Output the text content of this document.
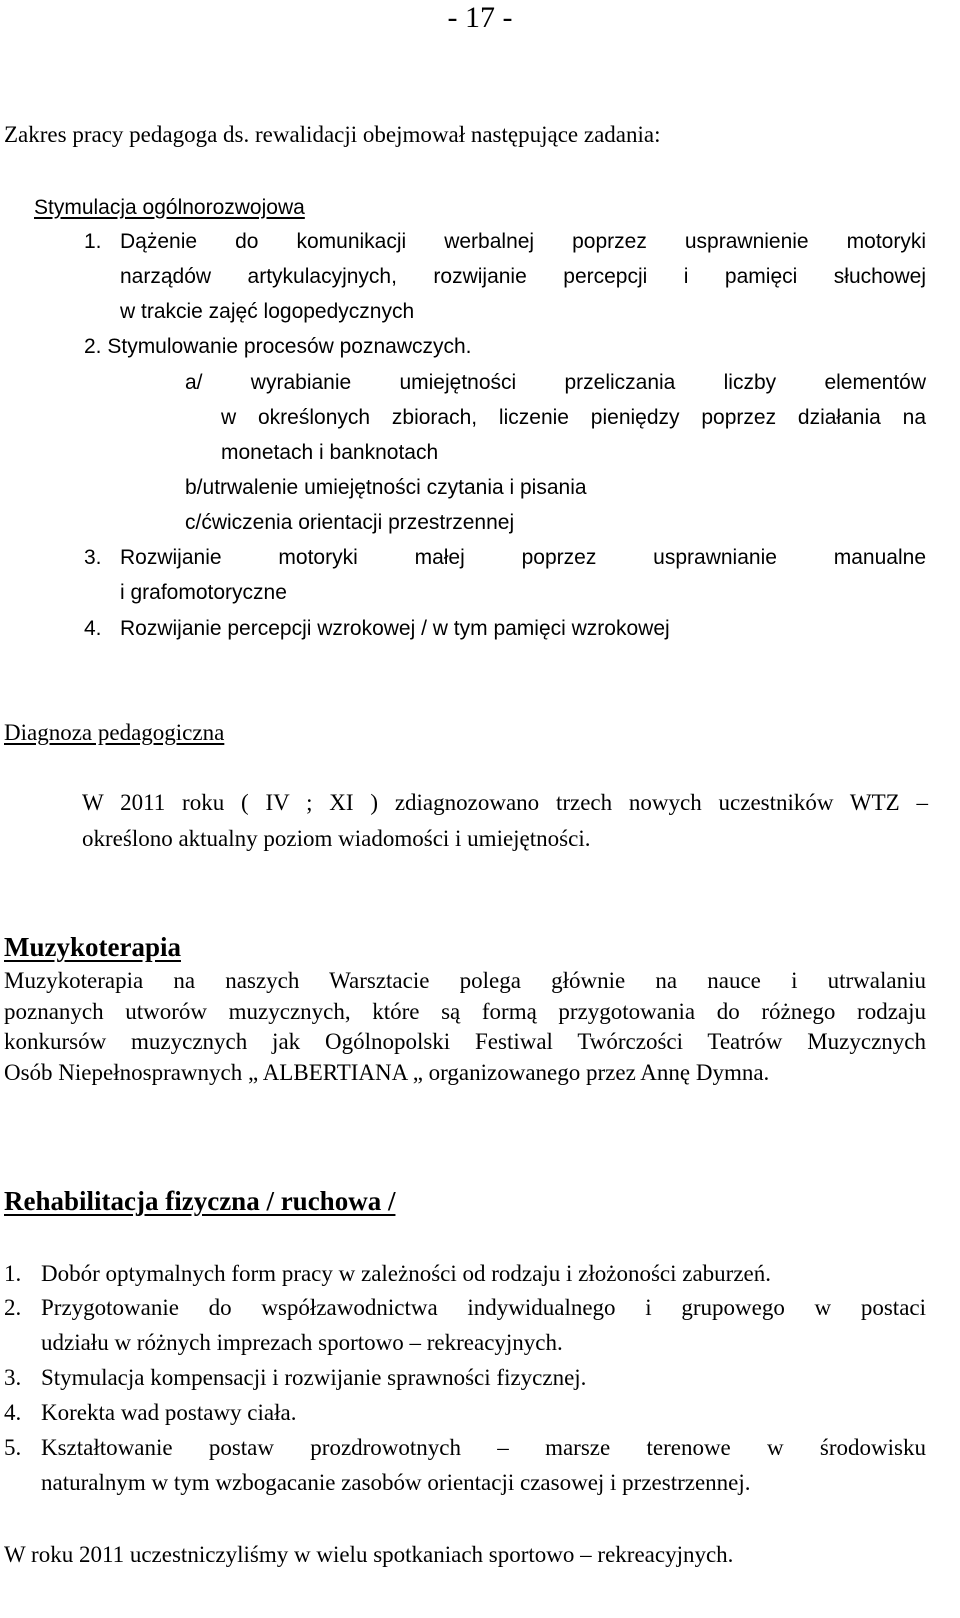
- 17 -
Zakres pracy pedagoga ds. rewalidacji obejmował następujące zadania:
Stymulacja ogólnorozwojowa
1. Dążenie do komunikacji werbalnej poprzez usprawnienie motoryki
narządów artykulacyjnych, rozwijanie percepcji i pamięci słuchowej
w trakcie zajęć logopedycznych
2. Stymulowanie procesów poznawczych.
a/ wyrabianie umiejętności przeliczania liczby elementów
w określonych zbiorach, liczenie pieniędzy poprzez działania na
monetach i banknotach
b/utrwalenie umiejętności czytania i pisania
c/ćwiczenia orientacji przestrzennej
3. Rozwijanie motoryki małej poprzez usprawnianie manualne
i grafomotoryczne
4. Rozwijanie percepcji wzrokowej / w tym pamięci wzrokowej
Diagnoza pedagogiczna
W 2011 roku ( IV ; XI ) zdiagnozowano trzech nowych uczestników WTZ –
określono aktualny poziom wiadomości i umiejętności.
Muzykoterapia
Muzykoterapia na naszych Warsztacie polega głównie na nauce i utrwalaniu
poznanych utworów muzycznych, które są formą przygotowania do różnego rodzaju
konkursów muzycznych jak Ogólnopolski Festiwal Twórczości Teatrów Muzycznych
Osób Niepełnosprawnych „ ALBERTIANA „ organizowanego przez Annę Dymna.
Rehabilitacja fizyczna / ruchowa /
1. Dobór optymalnych form pracy w zależności od rodzaju i złożoności zaburzeń.
2. Przygotowanie do współzawodnictwa indywidualnego i grupowego w postaci
udziału w różnych imprezach sportowo – rekreacyjnych.
3. Stymulacja kompensacji i rozwijanie sprawności fizycznej.
4. Korekta wad postawy ciała.
5. Kształtowanie postaw prozdrowotnych – marsze terenowe w środowisku
naturalnym w tym wzbogacanie zasobów orientacji czasowej i przestrzennej.
W roku 2011 uczestniczyliśmy w wielu spotkaniach sportowo – rekreacyjnych.
